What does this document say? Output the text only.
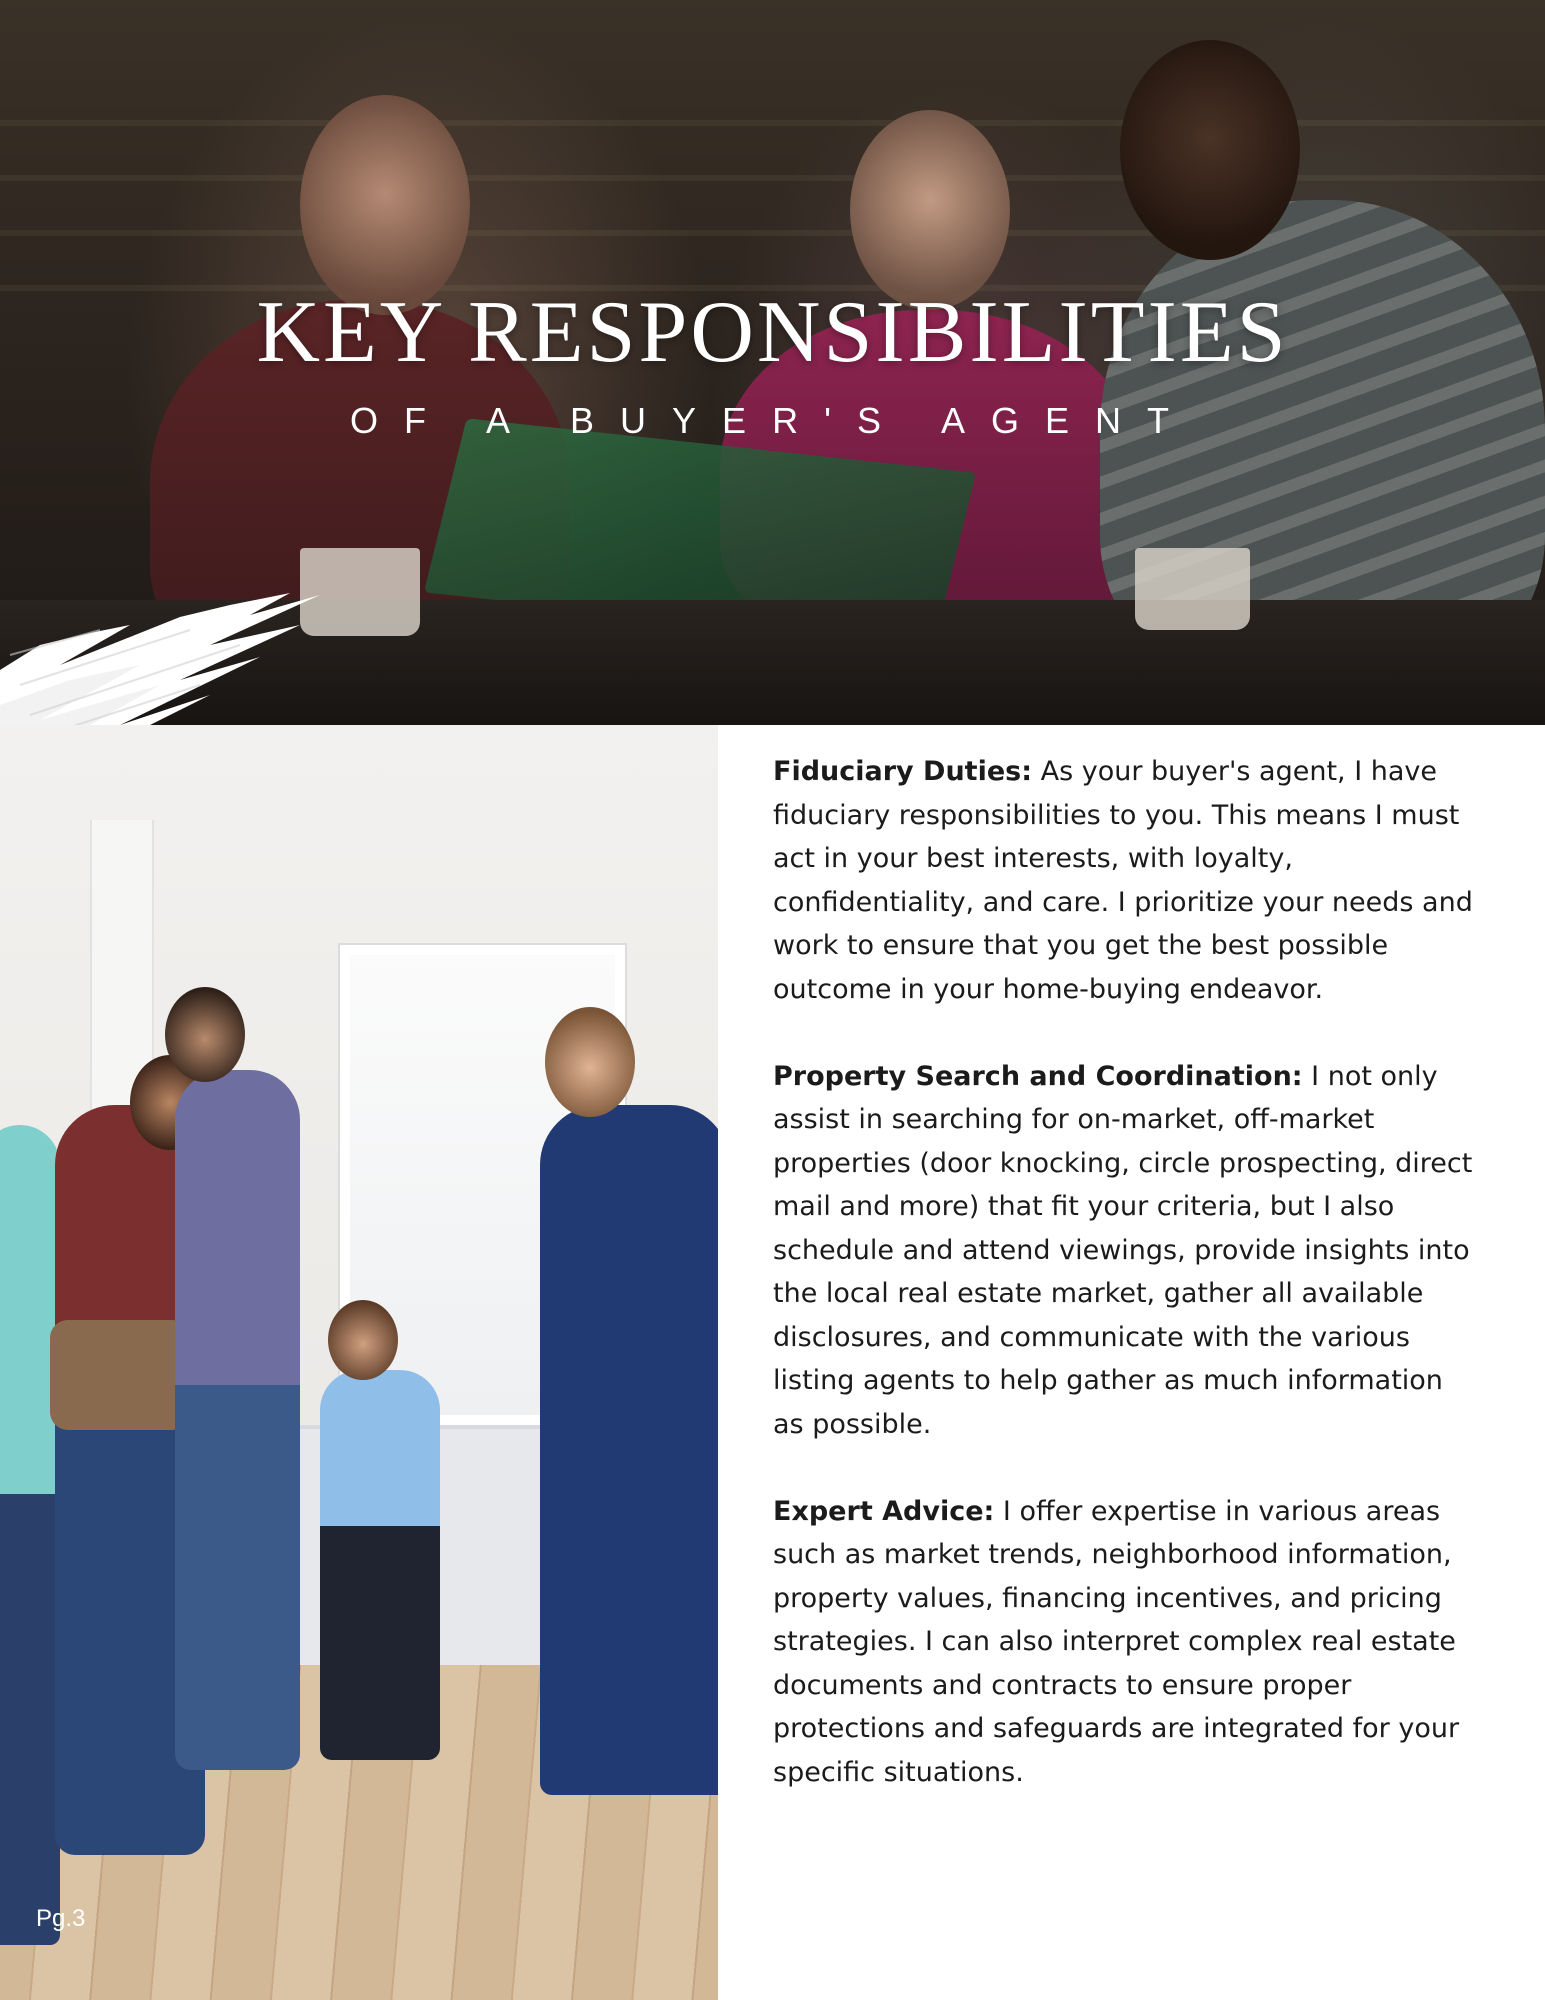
KEY RESPONSIBILITIES
OF A BUYER'S AGENT
Pg.3

Fiduciary Duties: As your buyer's agent, I have fiduciary responsibilities to you. This means I must act in your best interests, with loyalty, confidentiality, and care. I prioritize your needs and work to ensure that you get the best possible outcome in your home-buying endeavor.

Property Search and Coordination: I not only assist in searching for on-market, off-market properties (door knocking, circle prospecting, direct mail and more) that fit your criteria, but I also schedule and attend viewings, provide insights into the local real estate market, gather all available disclosures, and communicate with the various listing agents to help gather as much information as possible.

Expert Advice: I offer expertise in various areas such as market trends, neighborhood information, property values, financing incentives, and pricing strategies. I can also interpret complex real estate documents and contracts to ensure proper protections and safeguards are integrated for your specific situations.
